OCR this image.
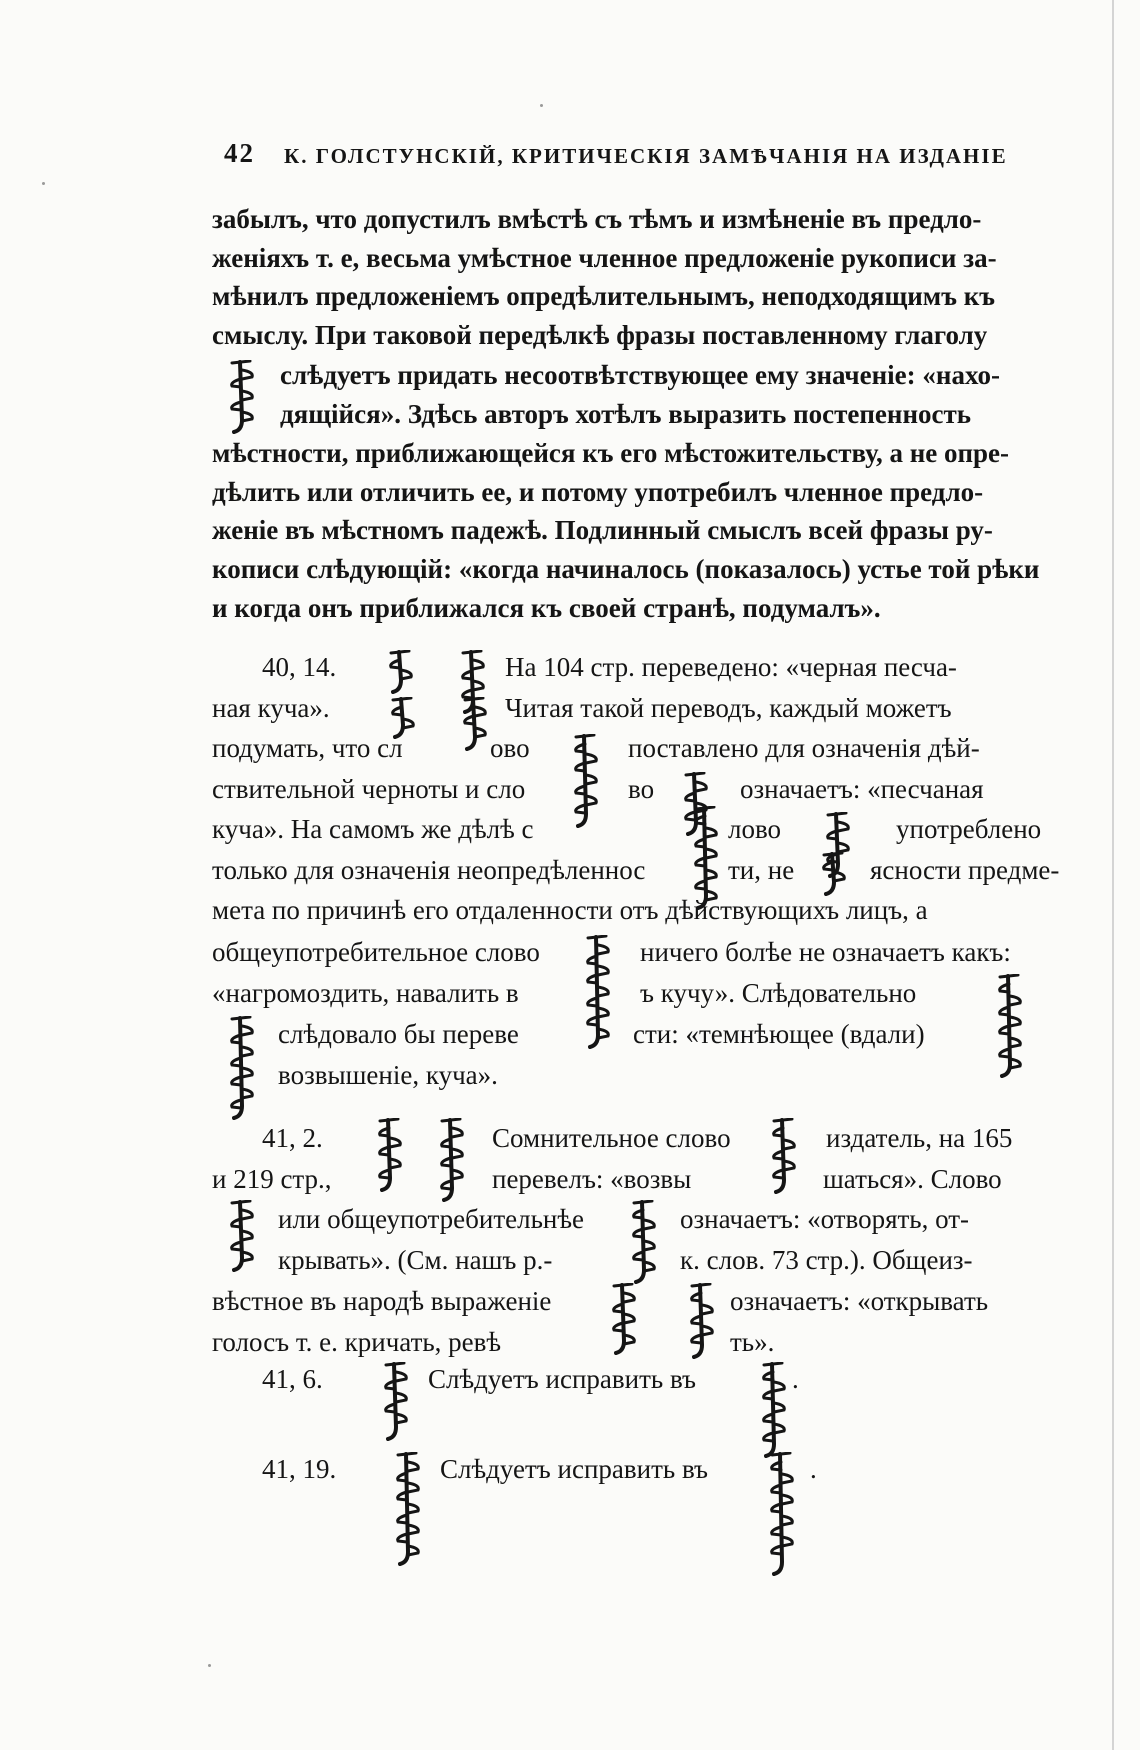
42 К. ГОЛСТУНСКІЙ, КРИТИЧЕСКІЯ ЗАМѢЧАНІЯ НА ИЗДАНІЕ
забылъ, что допустилъ вмѣстѣ съ тѣмъ и измѣненіе въ предло-
женіяхъ т. е, весьма умѣстное членное предложеніе рукописи за-
мѣнилъ предложеніемъ опредѣлительнымъ, неподходящимъ къ
смыслу. При таковой передѣлкѣ фразы поставленному глаголу
слѣдуетъ придать несоотвѣтствующее ему значеніе: «нахо-
дящійся». Здѣсь авторъ хотѣлъ выразить постепенность
мѣстности, приближающейся къ его мѣстожительству, а не опре-
дѣлить или отличить ее, и потому употребилъ членное предло-
женіе въ мѣстномъ падежѣ. Подлинный смыслъ всей фразы ру-
кописи слѣдующій: «когда начиналось (показалось) устье той рѣки
и когда онъ приближался къ своей странѣ, подумалъ».
40, 14.	На 104 стр. переведено: «черная песча-
ная куча».	Читая такой переводъ, каждый можетъ
подумать, что сл	ово	поставлено для означенія дѣй-
ствительной черноты и сло	во	означаетъ: «песчаная
куча». На самомъ же дѣлѣ с	лово	употреблено
только для означенія неопредѣленнос	ти, не	ясности предме-
мета по причинѣ его отдаленности отъ дѣйствующихъ лицъ, а
общеупотребительное слово	ничего болѣе не означаетъ какъ:
«нагромоздить, навалить в	ъ кучу». Слѣдовательно
слѣдовало бы переве	сти: «темнѣющее (вдали)
возвышеніе, куча».
41, 2.	Сомнительное слово	издатель, на 165
и 219 стр.,	перевелъ: «возвы	шаться». Слово
или общеупотребительнѣе	означаетъ: «отворять, от-
крывать». (См. нашъ р.-	к. слов. 73 стр.). Общеиз-
вѣстное въ народѣ выраженіе	означаетъ: «открывать
голосъ т. е. кричать, ревѣ	ть».
41, 6.	Слѣдуетъ исправить въ	.
41, 19.	Слѣдуетъ исправить въ	.
